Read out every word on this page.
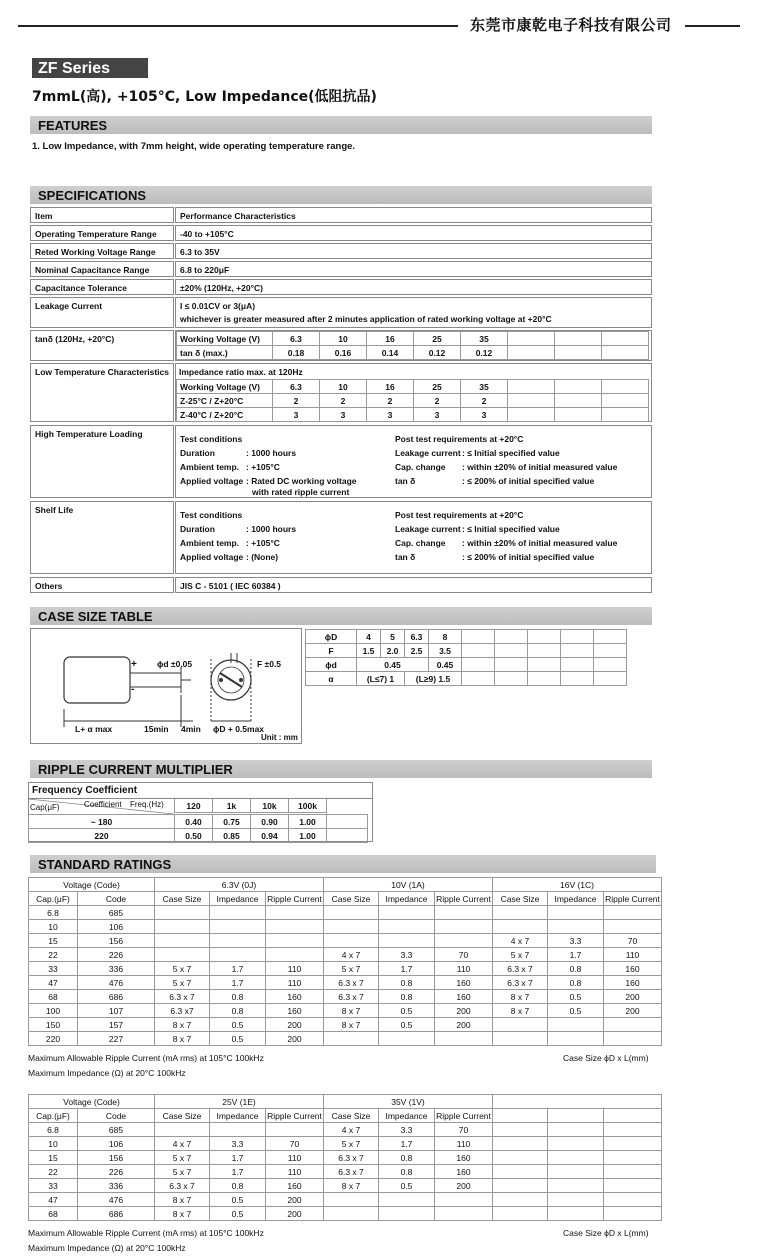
东莞市康乾电子科技有限公司
ZF Series
7mmL(高), +105°C, Low Impedance(低阻抗品)
FEATURES
1. Low Impedance, with 7mm height, wide operating temperature range.
SPECIFICATIONS
Item	Performance Characteristics
Operating Temperature Range	-40 to +105°C
Reted Working Voltage Range	6.3 to 35V
Nominal Capacitance Range	6.8 to 220μF
Capacitance Tolerance	±20% (120Hz, +20°C)
Leakage Current	I ≤ 0.01CV or 3(μA)
whichever is greater measured after 2 minutes application of rated working voltage at +20°C
tanδ (120Hz, +20°C)	Working Voltage (V)	6.3	10	16	25	35			
tan δ (max.)	0.18	0.16	0.14	0.12	0.12			
Low Temperature Characteristics	Impedance ratio max. at 120Hz
Working Voltage (V)	6.3	10	16	25	35			
Z-25°C / Z+20°C	2	2	2	2	2			
Z-40°C / Z+20°C	3	3	3	3	3			
High Temperature Loading	Test conditions
Duration	: 1000 hours
Ambient temp. : +105°C
Applied voltage : Rated DC working voltage
with rated ripple current
Post test requirements at +20°C
Leakage current : ≤ Initial specified value
Cap. change : within ±20% of initial measured value
tan δ	: ≤ 200% of initial specified value
Shelf Life	Test conditions
Duration	: 1000 hours
Ambient temp. : +105°C
Applied voltage : (None)
Post test requirements at +20°C
Leakage current : ≤ Initial specified value
Cap. change : within ±20% of initial measured value
tan δ	: ≤ 200% of initial specified value
Others	JIS C - 5101 ( IEC 60384 )
CASE SIZE TABLE
+
-
ϕd ±0.05	F ±0.5
L+ α max	15min 4min ϕD + 0.5max
Unit : mm
ϕD	4	5	6.3	8					
F	1.5	2.0	2.5	3.5					
ϕd	0.45			0.45					
α	(L≤7) 1		(L≥9) 1.5						
RIPPLE CURRENT MULTIPLIER
Frequency Coefficient
Cap(μF)	Coefficient Freq.(Hz)	120	1k	10k	100k
~ 180	0.40	0.75	0.90	1.00	
220	0.50	0.85	0.94	1.00	
STANDARD RATINGS
Voltage (Code)		6.3V (0J)			10V (1A)			16V (1C)		
Cap.(μF)	Code	Case Size	Impedance	Ripple Current	Case Size	Impedance	Ripple Current	Case Size	Impedance	Ripple Current
6.8	685									
10	106									
15	156							4 x 7	3.3	70
22	226				4 x 7	3.3	70	5 x 7	1.7	110
33	336	5 x 7	1.7	110	5 x 7	1.7	110	6.3 x 7	0.8	160
47	476	5 x 7	1.7	110	6.3 x 7	0.8	160	6.3 x 7	0.8	160
68	686	6.3 x 7	0.8	160	6.3 x 7	0.8	160	8 x 7	0.5	200
100	107	6.3 x7	0.8	160	8 x 7	0.5	200	8 x 7	0.5	200
150	157	8 x 7	0.5	200	8 x 7	0.5	200			
220	227	8 x 7	0.5	200						
Maximum Allowable Ripple Current (mA rms) at 105°C 100kHz
Maximum Impedance (Ω) at 20°C 100kHz
Case Size ϕD x L(mm)
Voltage (Code)		25V (1E)			35V (1V)					
Cap.(μF)	Code	Case Size	Impedance	Ripple Current	Case Size	Impedance	Ripple Current			
6.8	685				4 x 7	3.3	70			
10	106	4 x 7	3.3	70	5 x 7	1.7	110			
15	156	5 x 7	1.7	110	6.3 x 7	0.8	160			
22	226	5 x 7	1.7	110	6.3 x 7	0.8	160			
33	336	6.3 x 7	0.8	160	8 x 7	0.5	200			
47	476	8 x 7	0.5	200						
68	686	8 x 7	0.5	200						
Maximum Allowable Ripple Current (mA rms) at 105°C 100kHz
Maximum Impedance (Ω) at 20°C 100kHz
Case Size ϕD x L(mm)
